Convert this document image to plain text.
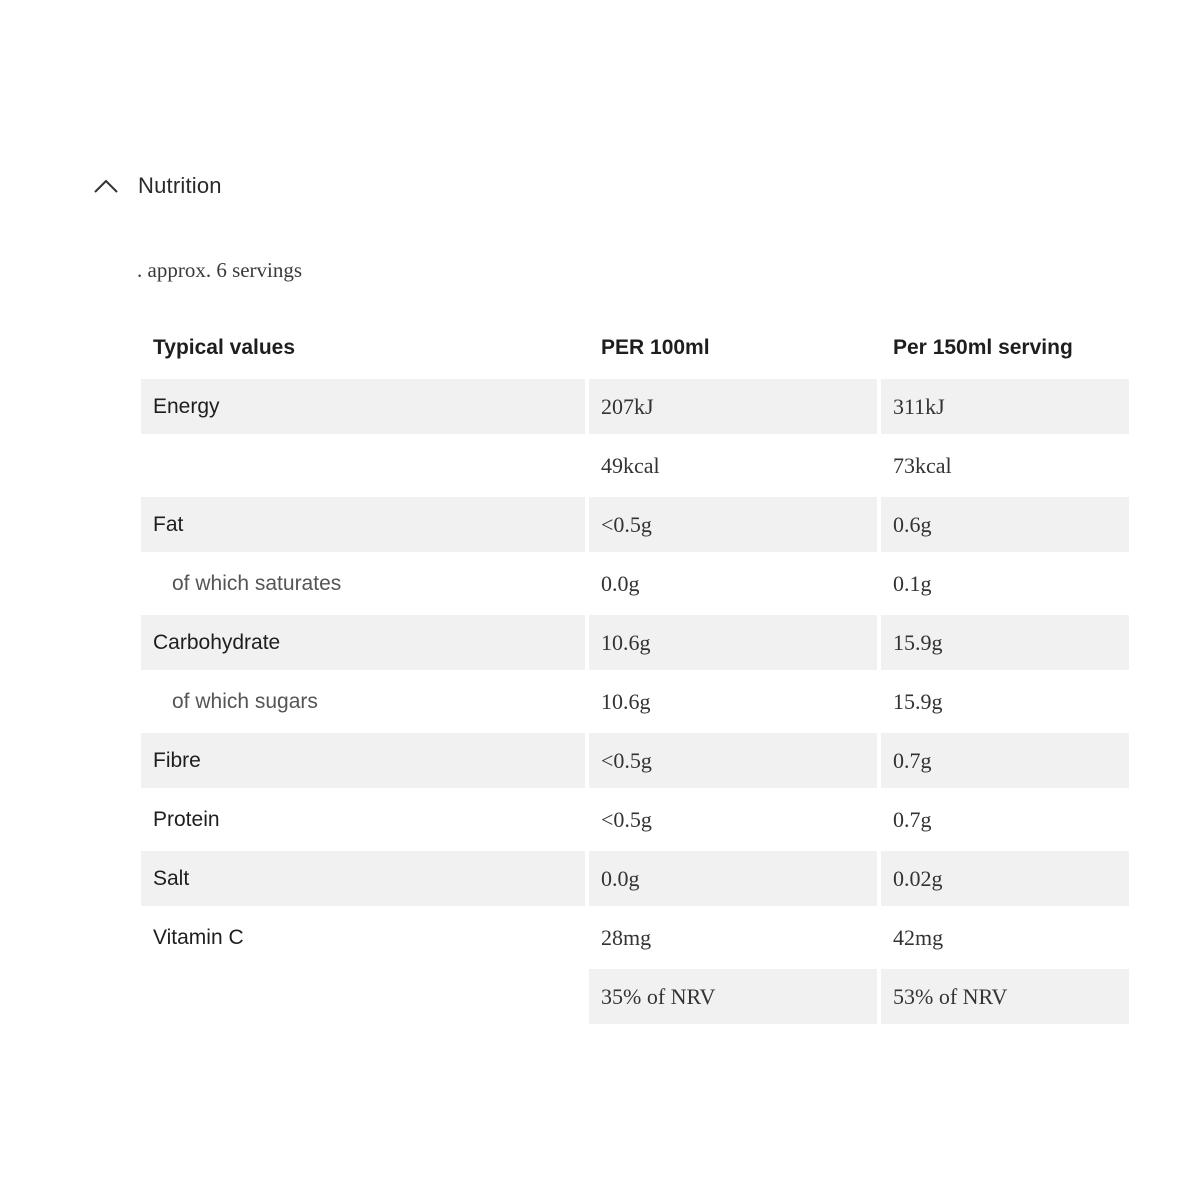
Nutrition
. approx. 6 servings
Typical values	PER 100ml	Per 150ml serving
Energy	207kJ	311kJ
	49kcal	73kcal
Fat	<0.5g	0.6g
of which saturates	0.0g	0.1g
Carbohydrate	10.6g	15.9g
of which sugars	10.6g	15.9g
Fibre	<0.5g	0.7g
Protein	<0.5g	0.7g
Salt	0.0g	0.02g
Vitamin C	28mg	42mg
	35% of NRV	53% of NRV
